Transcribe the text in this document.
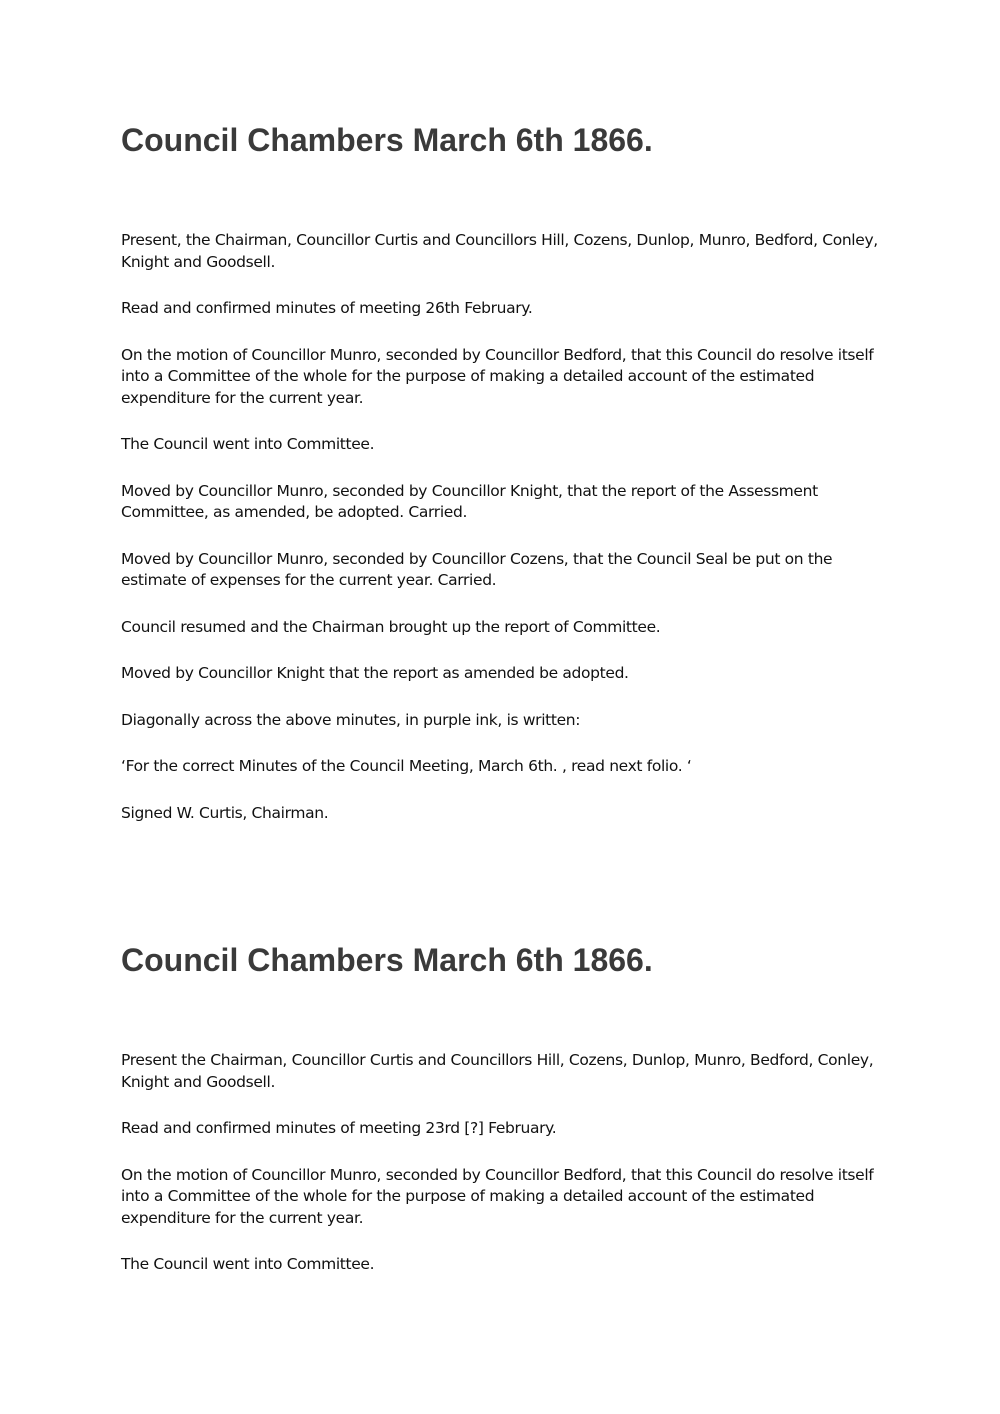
Council Chambers March 6th 1866.

Present, the Chairman, Councillor Curtis and Councillors Hill, Cozens, Dunlop, Munro, Bedford, Conley, Knight and Goodsell.

Read and confirmed minutes of meeting 26th February.

On the motion of Councillor Munro, seconded by Councillor Bedford, that this Council do resolve itself into a Committee of the whole for the purpose of making a detailed account of the estimated expenditure for the current year.

The Council went into Committee.

Moved by Councillor Munro, seconded by Councillor Knight, that the report of the Assessment Committee, as amended, be adopted. Carried.

Moved by Councillor Munro, seconded by Councillor Cozens, that the Council Seal be put on the estimate of expenses for the current year. Carried.

Council resumed and the Chairman brought up the report of Committee.

Moved by Councillor Knight that the report as amended be adopted.

Diagonally across the above minutes, in purple ink, is written:

‘For the correct Minutes of the Council Meeting, March 6th. , read next folio. ‘

Signed W. Curtis, Chairman.

Council Chambers March 6th 1866.

Present the Chairman, Councillor Curtis and Councillors Hill, Cozens, Dunlop, Munro, Bedford, Conley, Knight and Goodsell.

Read and confirmed minutes of meeting 23rd [?] February.

On the motion of Councillor Munro, seconded by Councillor Bedford, that this Council do resolve itself into a Committee of the whole for the purpose of making a detailed account of the estimated expenditure for the current year.

The Council went into Committee.
